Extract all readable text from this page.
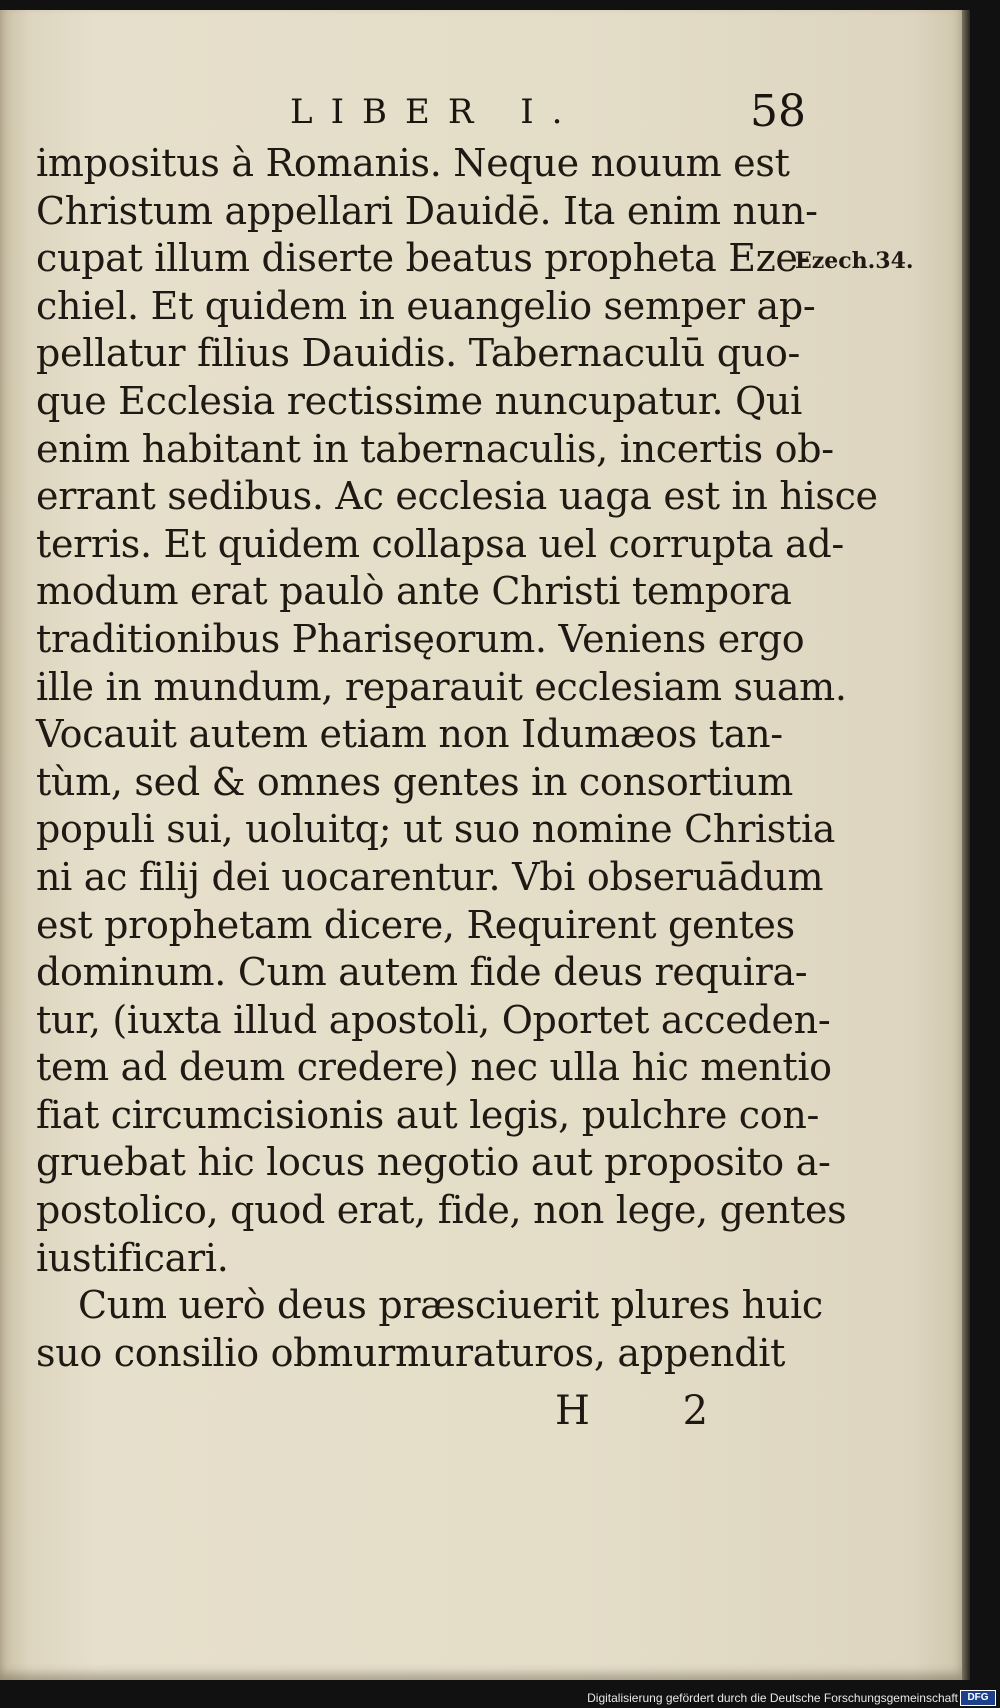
LIBER I.	58
Ezech.34.
impositus à Romanis. Neque nouum est
Christum appellari Dauidē. Ita enim nun-
cupat illum diserte beatus propheta Eze-
chiel. Et quidem in euangelio semper ap-
pellatur filius Dauidis. Tabernaculū quo-
que Ecclesia rectissime nuncupatur. Qui
enim habitant in tabernaculis, incertis ob-
errant sedibus. Ac ecclesia uaga est in hisce
terris. Et quidem collapsa uel corrupta ad-
modum erat paulò ante Christi tempora
traditionibus Pharisęorum. Veniens ergo
ille in mundum, reparauit ecclesiam suam.
Vocauit autem etiam non Idumæos tan-
tùm, sed & omnes gentes in consortium
populi sui, uoluitq; ut suo nomine Christia
ni ac filij dei uocarentur. Vbi obseruādum
est prophetam dicere, Requirent gentes
dominum. Cum autem fide deus requira-
tur, (iuxta illud apostoli, Oportet acceden-
tem ad deum credere) nec ulla hic mentio
fiat circumcisionis aut legis, pulchre con-
gruebat hic locus negotio aut proposito a-
postolico, quod erat, fide, non lege, gentes
iustificari.
Cum uerò deus præsciuerit plures huic
suo consilio obmurmuraturos, appendit
H 2
Digitalisierung gefördert durch die Deutsche Forschungsgemeinschaft DFG
